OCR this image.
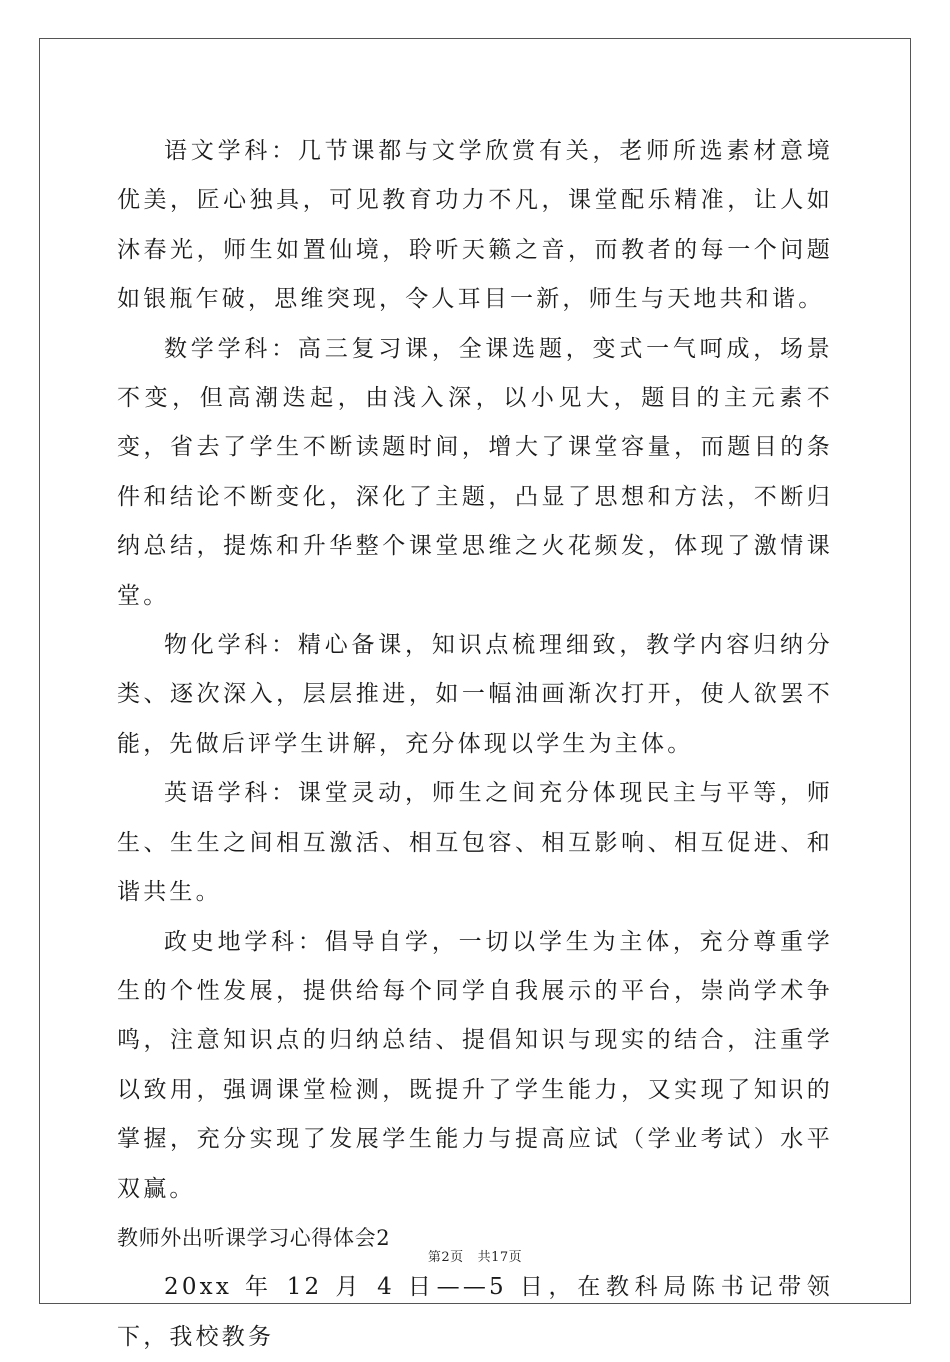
语文学科：几节课都与文学欣赏有关，老师所选素材意境优美，匠心独具，可见教育功力不凡，课堂配乐精准，让人如沐春光，师生如置仙境，聆听天籁之音，而教者的每一个问题如银瓶乍破，思维突现，令人耳目一新，师生与天地共和谐。

数学学科：高三复习课，全课选题，变式一气呵成，场景不变，但高潮迭起，由浅入深，以小见大，题目的主元素不变，省去了学生不断读题时间，增大了课堂容量，而题目的条件和结论不断变化，深化了主题，凸显了思想和方法，不断归纳总结，提炼和升华整个课堂思维之火花频发，体现了激情课堂。

物化学科：精心备课，知识点梳理细致，教学内容归纳分类、逐次深入，层层推进，如一幅油画渐次打开，使人欲罢不能，先做后评学生讲解，充分体现以学生为主体。

英语学科：课堂灵动，师生之间充分体现民主与平等，师生、生生之间相互激活、相互包容、相互影响、相互促进、和谐共生。

政史地学科：倡导自学，一切以学生为主体，充分尊重学生的个性发展，提供给每个同学自我展示的平台，崇尚学术争鸣，注意知识点的归纳总结、提倡知识与现实的结合，注重学以致用，强调课堂检测，既提升了学生能力，又实现了知识的掌握，充分实现了发展学生能力与提高应试（学业考试）水平双赢。

教师外出听课学习心得体会2

20xx 年 12 月 4 日——5 日，在教科局陈书记带领下，我校教务

第2页 共17页
